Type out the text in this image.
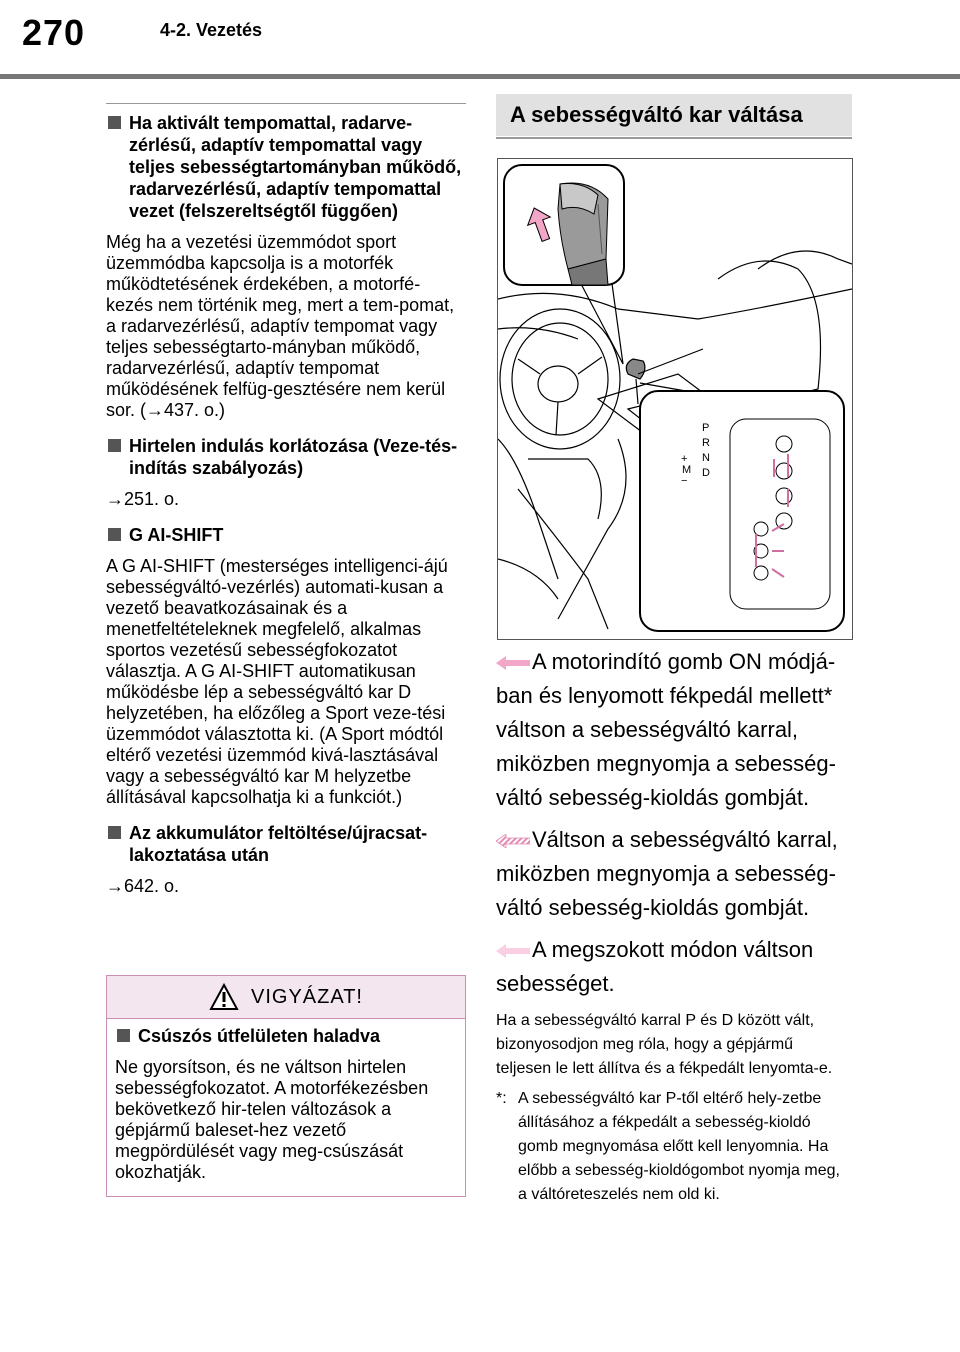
270	4-2. Vezetés
Ha aktivált tempomattal, radarve-zérlésű, adaptív tempomattal vagy teljes sebességtartományban működő, radarvezérlésű, adaptív tempomattal vezet (felszereltségtől függően)

Még ha a vezetési üzemmódot sport üzemmódba kapcsolja is a motorfék működtetésének érdekében, a motorfé-kezés nem történik meg, mert a tem-pomat, a radarvezérlésű, adaptív tempomat vagy teljes sebességtarto-mányban működő, radarvezérlésű, adaptív tempomat működésének felfüg-gesztésére nem kerül sor. (→437. o.)

Hirtelen indulás korlátozása (Veze-tés-indítás szabályozás)

→251. o.

G AI-SHIFT

A G AI-SHIFT (mesterséges intelligenci-ájú sebességváltó-vezérlés) automati-kusan a vezető beavatkozásainak és a menetfeltételeknek megfelelő, alkalmas sportos vezetésű sebességfokozatot választja. A G AI-SHIFT automatikusan működésbe lép a sebességváltó kar D helyzetében, ha előzőleg a Sport veze-tési üzemmódot választotta ki. (A Sport módtól eltérő vezetési üzemmód kivá-lasztásával vagy a sebességváltó kar M helyzetbe állításával kapcsolhatja ki a funkciót.)

Az akkumulátor feltöltése/újracsat-lakoztatása után

→642. o.

VIGYÁZAT!
Csúszós útfelületen haladva

Ne gyorsítson, és ne váltson hirtelen sebességfokozatot. A motorfékezésben bekövetkező hir-telen változások a gépjármű baleset-hez vezető megpördülését vagy meg-csúszását okozhatják.

A sebességváltó kar váltása
P
R
N
D
M
+
−

A motorindító gomb ON módjá-ban és lenyomott fékpedál mellett* váltson a sebességváltó karral, miközben megnyomja a sebesség-váltó sebesség-kioldás gombját.

Váltson a sebességváltó karral, miközben megnyomja a sebesség-váltó sebesség-kioldás gombját.

A megszokott módon váltson sebességet.

Ha a sebességváltó karral P és D között vált, bizonyosodjon meg róla, hogy a gépjármű teljesen le lett állítva és a fékpedált lenyomta-e.

*: A sebességváltó kar P-től eltérő hely-zetbe állításához a fékpedált a sebesség-kioldó gomb megnyomása előtt kell lenyomnia. Ha előbb a sebesség-kioldógombot nyomja meg, a váltóreteszelés nem old ki.
